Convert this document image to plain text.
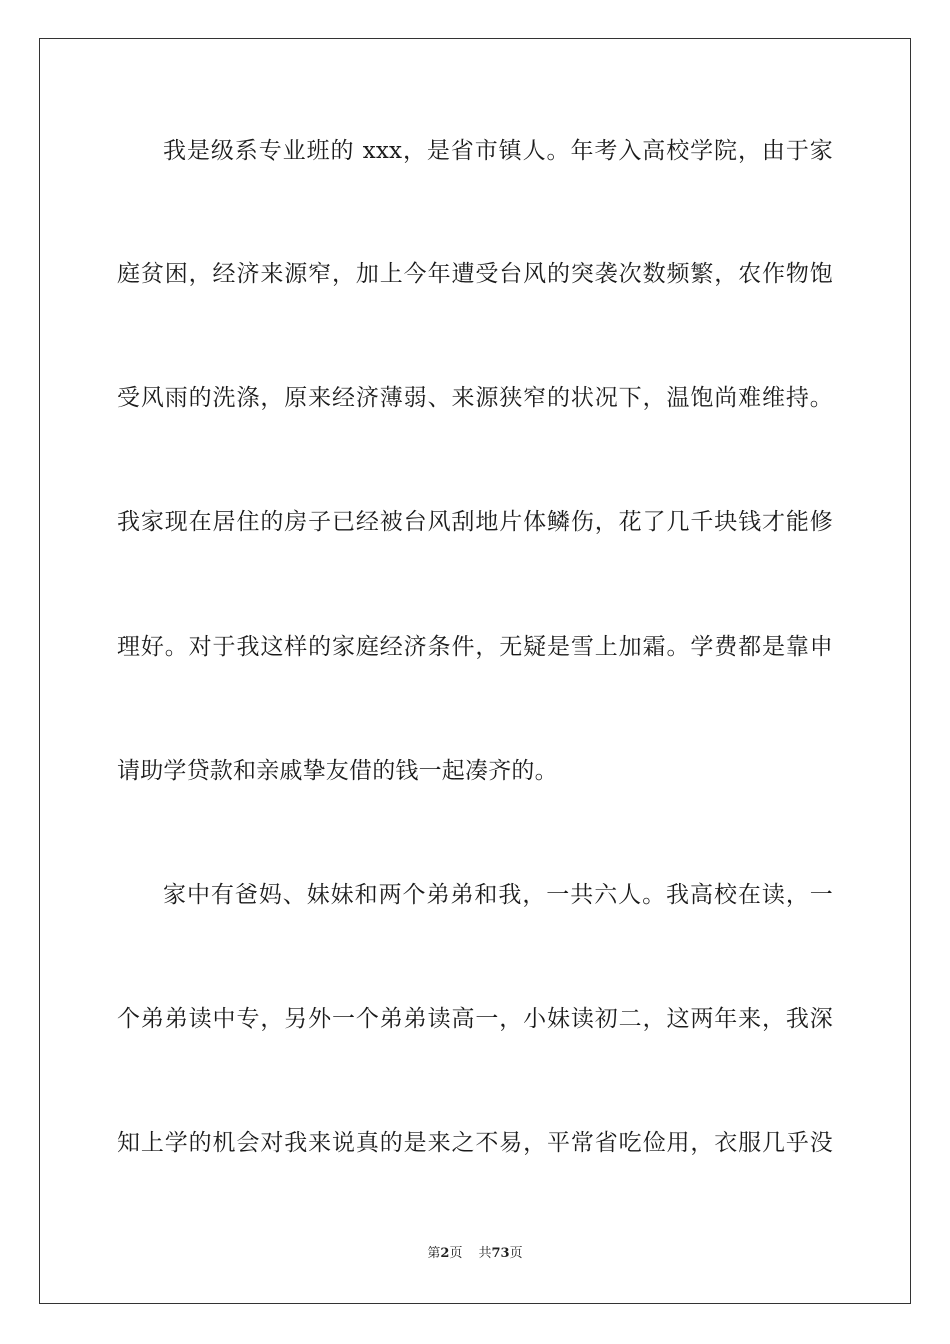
我是级系专业班的 xxx，是省市镇人。年考入高校学院，由于家
庭贫困，经济来源窄，加上今年遭受台风的突袭次数频繁，农作物饱
受风雨的洗涤，原来经济薄弱、来源狭窄的状况下，温饱尚难维持。
我家现在居住的房子已经被台风刮地片体鳞伤，花了几千块钱才能修
理好。对于我这样的家庭经济条件，无疑是雪上加霜。学费都是靠申
请助学贷款和亲戚挚友借的钱一起凑齐的。
家中有爸妈、妹妹和两个弟弟和我，一共六人。我高校在读，一
个弟弟读中专，另外一个弟弟读高一，小妹读初二，这两年来，我深
知上学的机会对我来说真的是来之不易，平常省吃俭用，衣服几乎没
第2页 共73页
